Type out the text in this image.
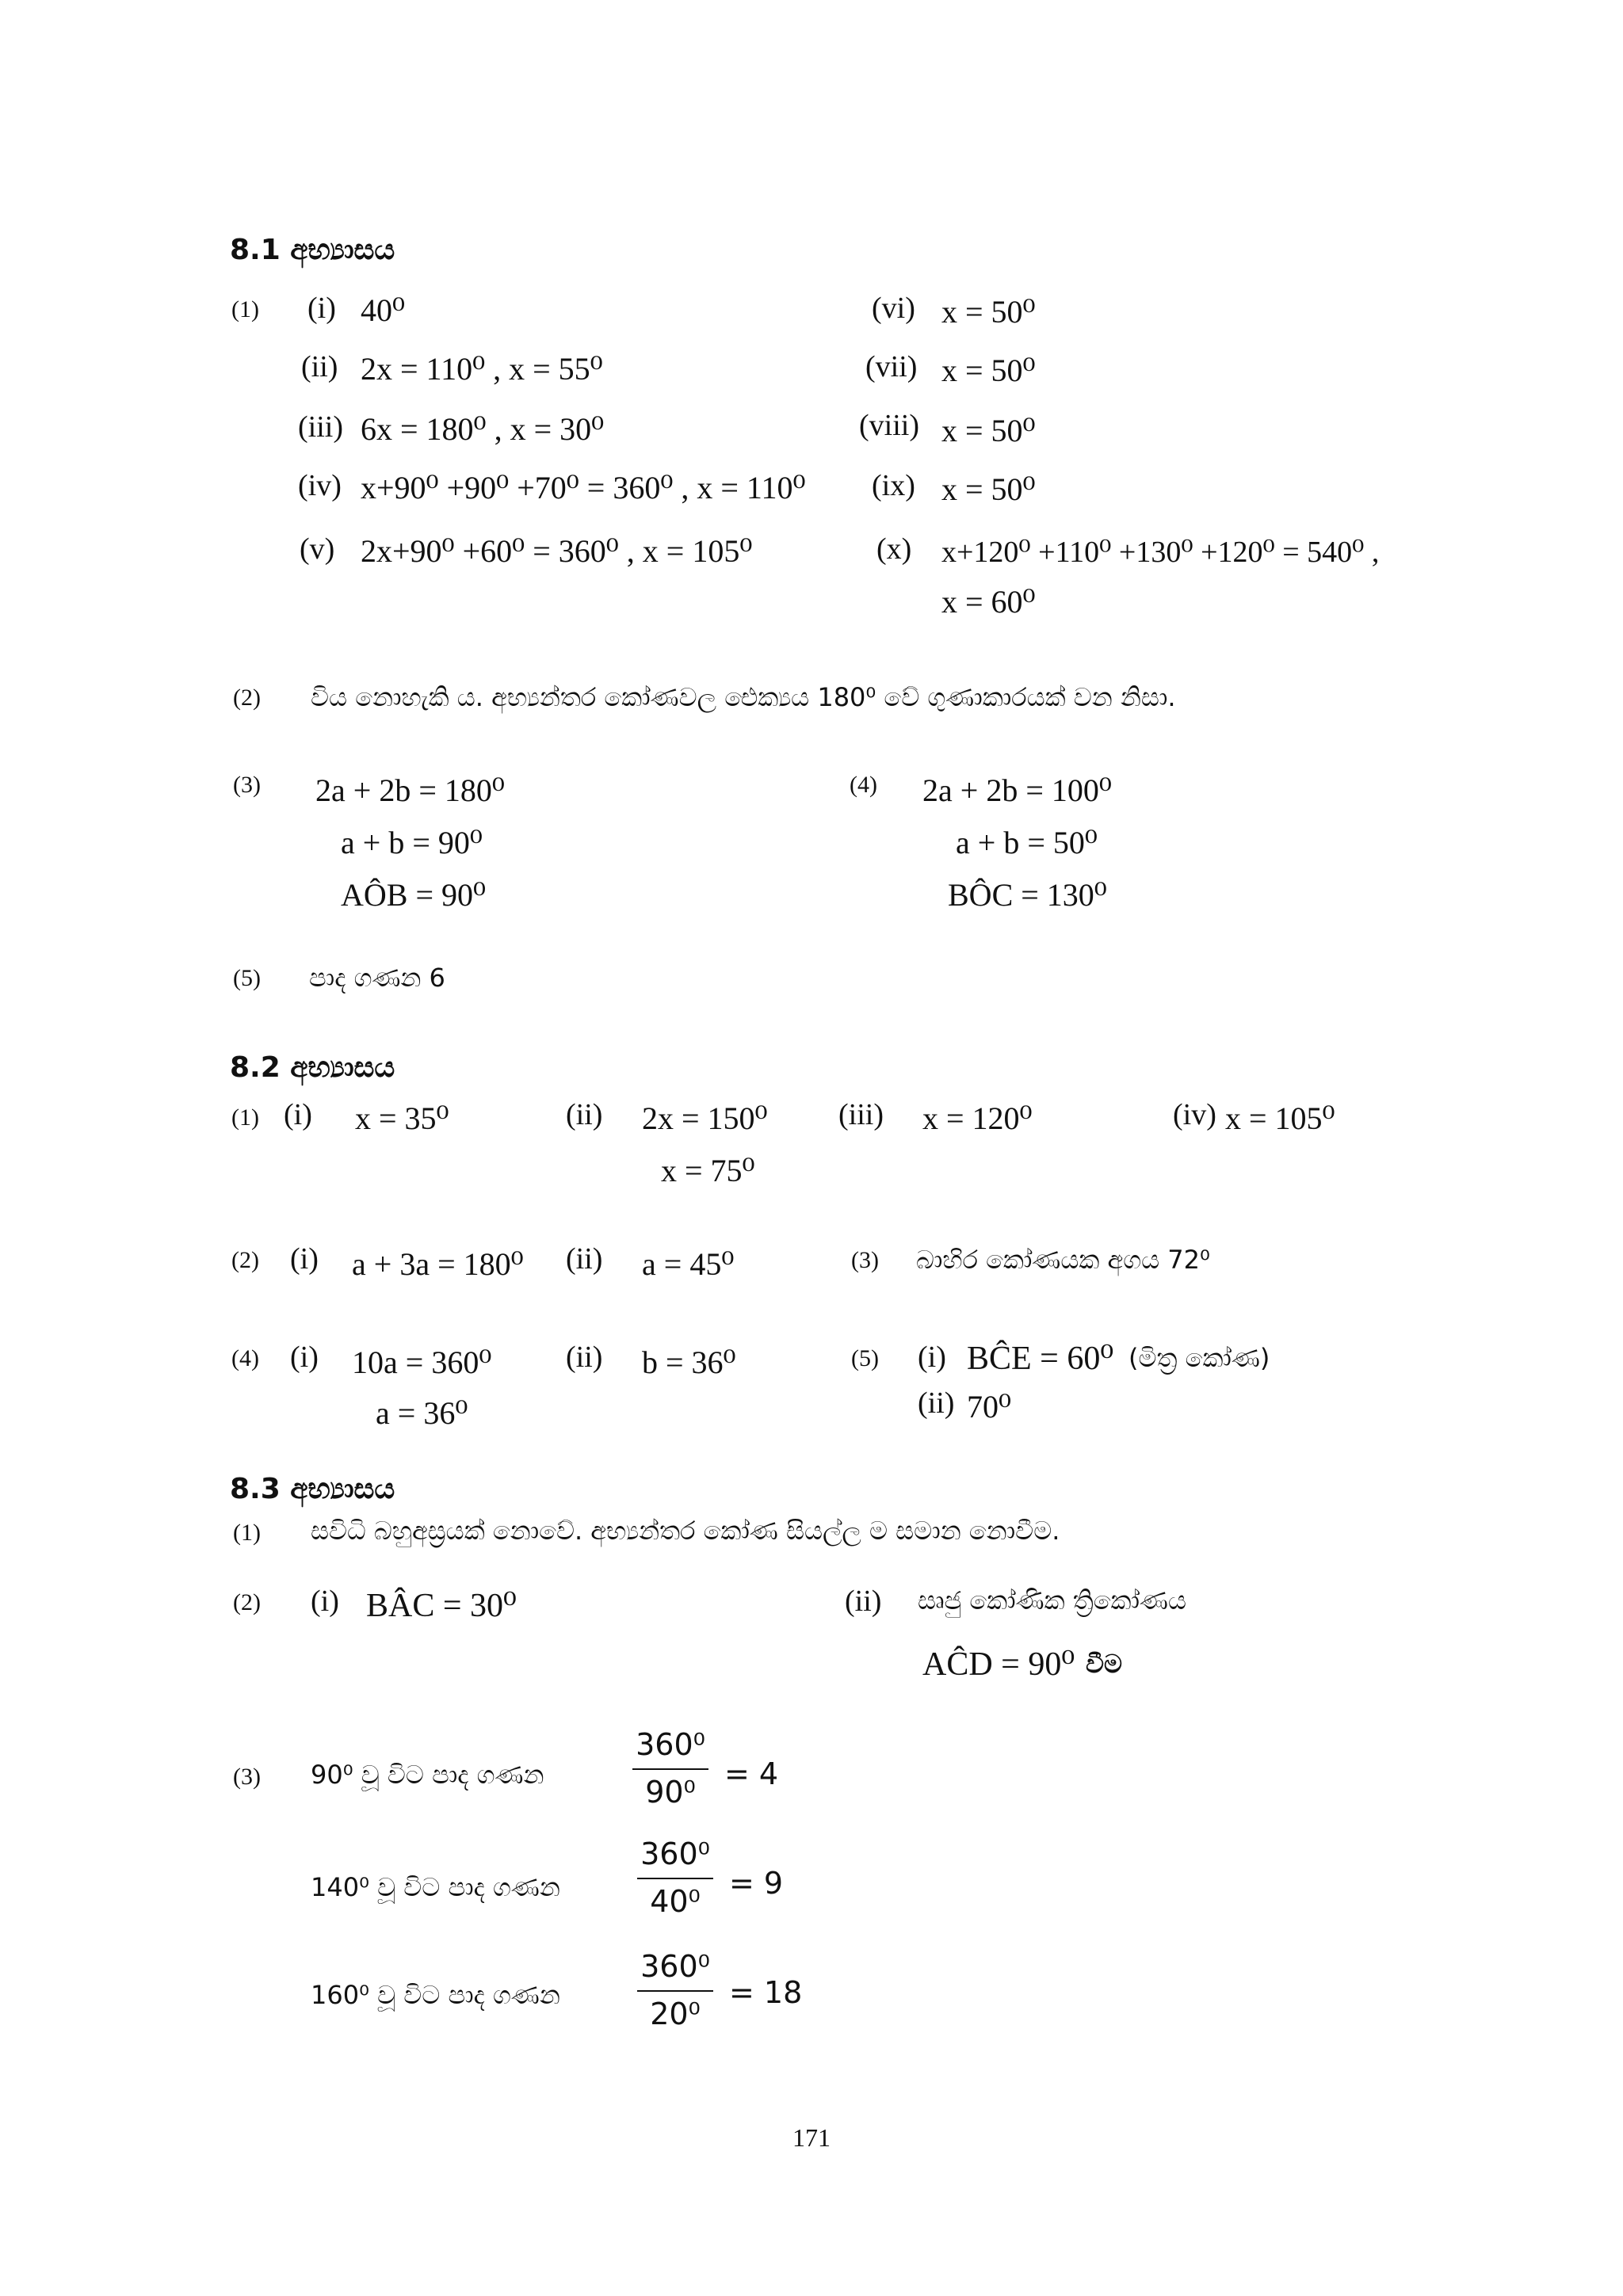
8.1 අභ්‍යාසය
(1) (i) 40⁰
(ii) 2x = 110⁰ , x = 55⁰
(iii) 6x = 180⁰ , x = 30⁰
(iv) x+90⁰ +90⁰ +70⁰ = 360⁰ , x = 110⁰
(v) 2x+90⁰ +60⁰ = 360⁰ , x = 105⁰
(vi) x = 50⁰
(vii) x = 50⁰
(viii) x = 50⁰
(ix) x = 50⁰
(x) x+120⁰ +110⁰ +130⁰ +120⁰ = 540⁰ ,
x = 60⁰
(2) විය නොහැකි ය. අභ්‍යන්තර කෝණවල ඓක්‍යය 180⁰ වේ ගුණාකාරයක් වන නිසා.
(3) 2a + 2b = 180⁰
a + b = 90⁰
AÔB = 90⁰
(4) 2a + 2b = 100⁰
a + b = 50⁰
BÔC = 130⁰
(5) පාද ගණන 6
8.2 අභ්‍යාසය
(1) (i) x = 35⁰	(ii) 2x = 150⁰
x = 75⁰
(iii) x = 120⁰	(iv) x = 105⁰
(2) (i) a + 3a = 180⁰ (ii) a = 45⁰	(3) බාහිර කෝණයක අගය 72⁰
(4) (i) 10a = 360⁰
a = 36⁰
(ii) b = 36⁰	(5) (i) BĈE = 60⁰ (මිත්‍ර කෝණ)
(ii) 70⁰
8.3 අභ්‍යාසය
(1) සවිධි බහුඅස්‍රයක් නොවේ. අභ්‍යන්තර කෝණ සියල්ල ම සමාන නොවීම.
(2) (i) BÂC = 30⁰	(ii) සෘජු කෝණික ත්‍රිකෝණය
AĈD = 90⁰ වීම
(3) 90⁰ වූ විට පාද ගණන	$\frac{\text{360⁰}}{\text{90⁰}} = 4$
140⁰ වූ විට පාද ගණන	$\frac{\text{360⁰}}{\text{40⁰}} = 9$
160⁰ වූ විට පාද ගණන	$\frac{\text{360⁰}}{\text{20⁰}} = 18$
171
